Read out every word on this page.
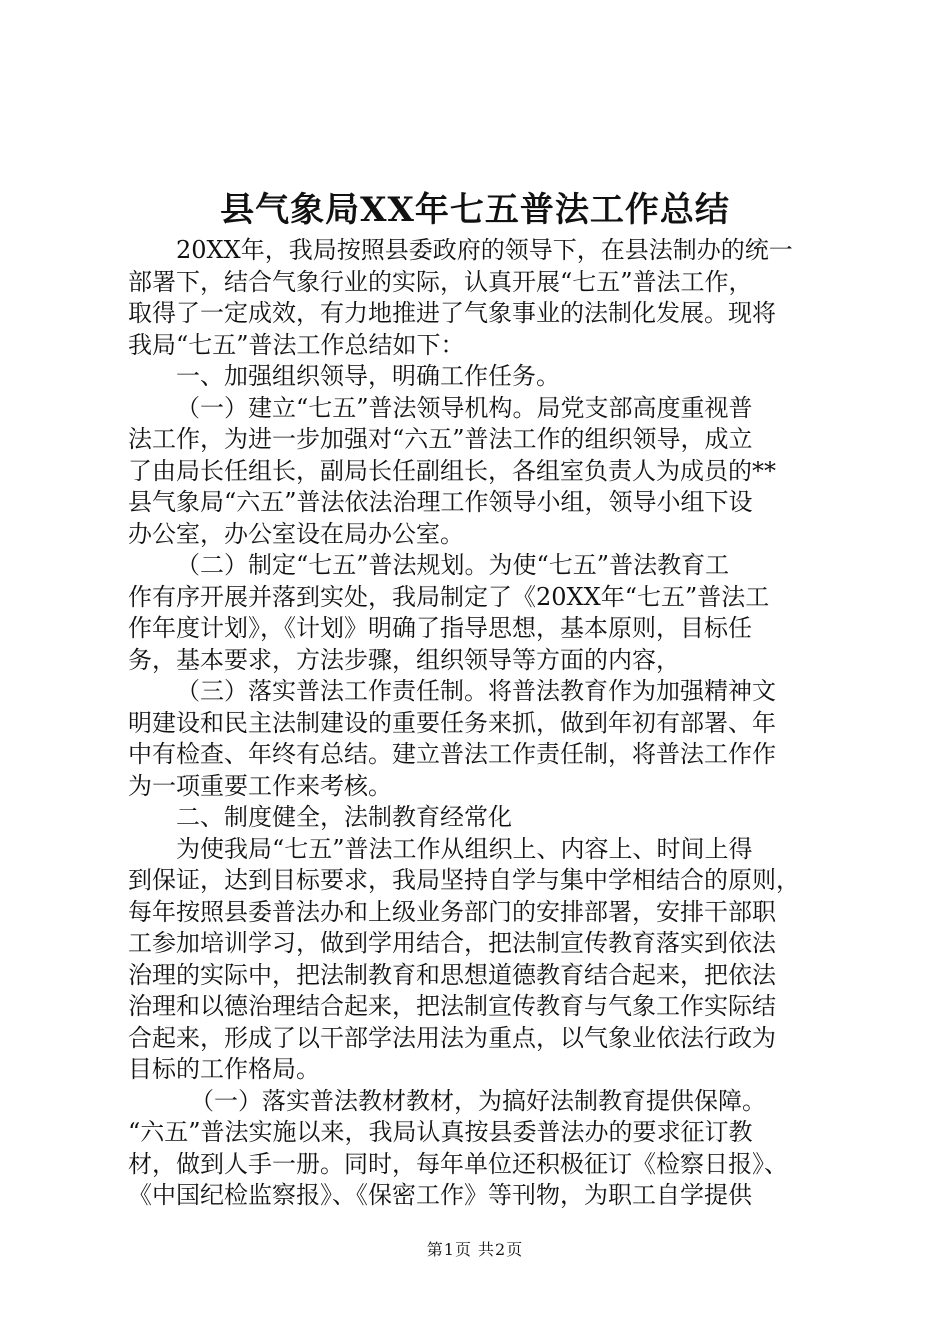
县气象局XX年七五普法工作总结
20XX年，我局按照县委政府的领导下，在县法制办的统一
部署下，结合气象行业的实际，认真开展“七五”普法工作，
取得了一定成效，有力地推进了气象事业的法制化发展。现将
我局“七五”普法工作总结如下：
一、加强组织领导，明确工作任务。
（一）建立“七五”普法领导机构。局党支部高度重视普
法工作，为进一步加强对“六五”普法工作的组织领导，成立
了由局长任组长，副局长任副组长，各组室负责人为成员的**
县气象局“六五”普法依法治理工作领导小组，领导小组下设
办公室，办公室设在局办公室。
（二）制定“七五”普法规划。为使“七五”普法教育工
作有序开展并落到实处，我局制定了《20XX年“七五”普法工
作年度计划》，《计划》明确了指导思想，基本原则，目标任
务，基本要求，方法步骤，组织领导等方面的内容，
（三）落实普法工作责任制。将普法教育作为加强精神文
明建设和民主法制建设的重要任务来抓，做到年初有部署、年
中有检查、年终有总结。建立普法工作责任制，将普法工作作
为一项重要工作来考核。
二、制度健全，法制教育经常化
为使我局“七五”普法工作从组织上、内容上、时间上得
到保证，达到目标要求，我局坚持自学与集中学相结合的原则，
每年按照县委普法办和上级业务部门的安排部署，安排干部职
工参加培训学习，做到学用结合，把法制宣传教育落实到依法
治理的实际中，把法制教育和思想道德教育结合起来，把依法
治理和以德治理结合起来，把法制宣传教育与气象工作实际结
合起来，形成了以干部学法用法为重点，以气象业依法行政为
目标的工作格局。
（一）落实普法教材教材，为搞好法制教育提供保障。
“六五”普法实施以来，我局认真按县委普法办的要求征订教
材，做到人手一册。同时，每年单位还积极征订《检察日报》、
《中国纪检监察报》、《保密工作》等刊物，为职工自学提供
第1页 共2页
